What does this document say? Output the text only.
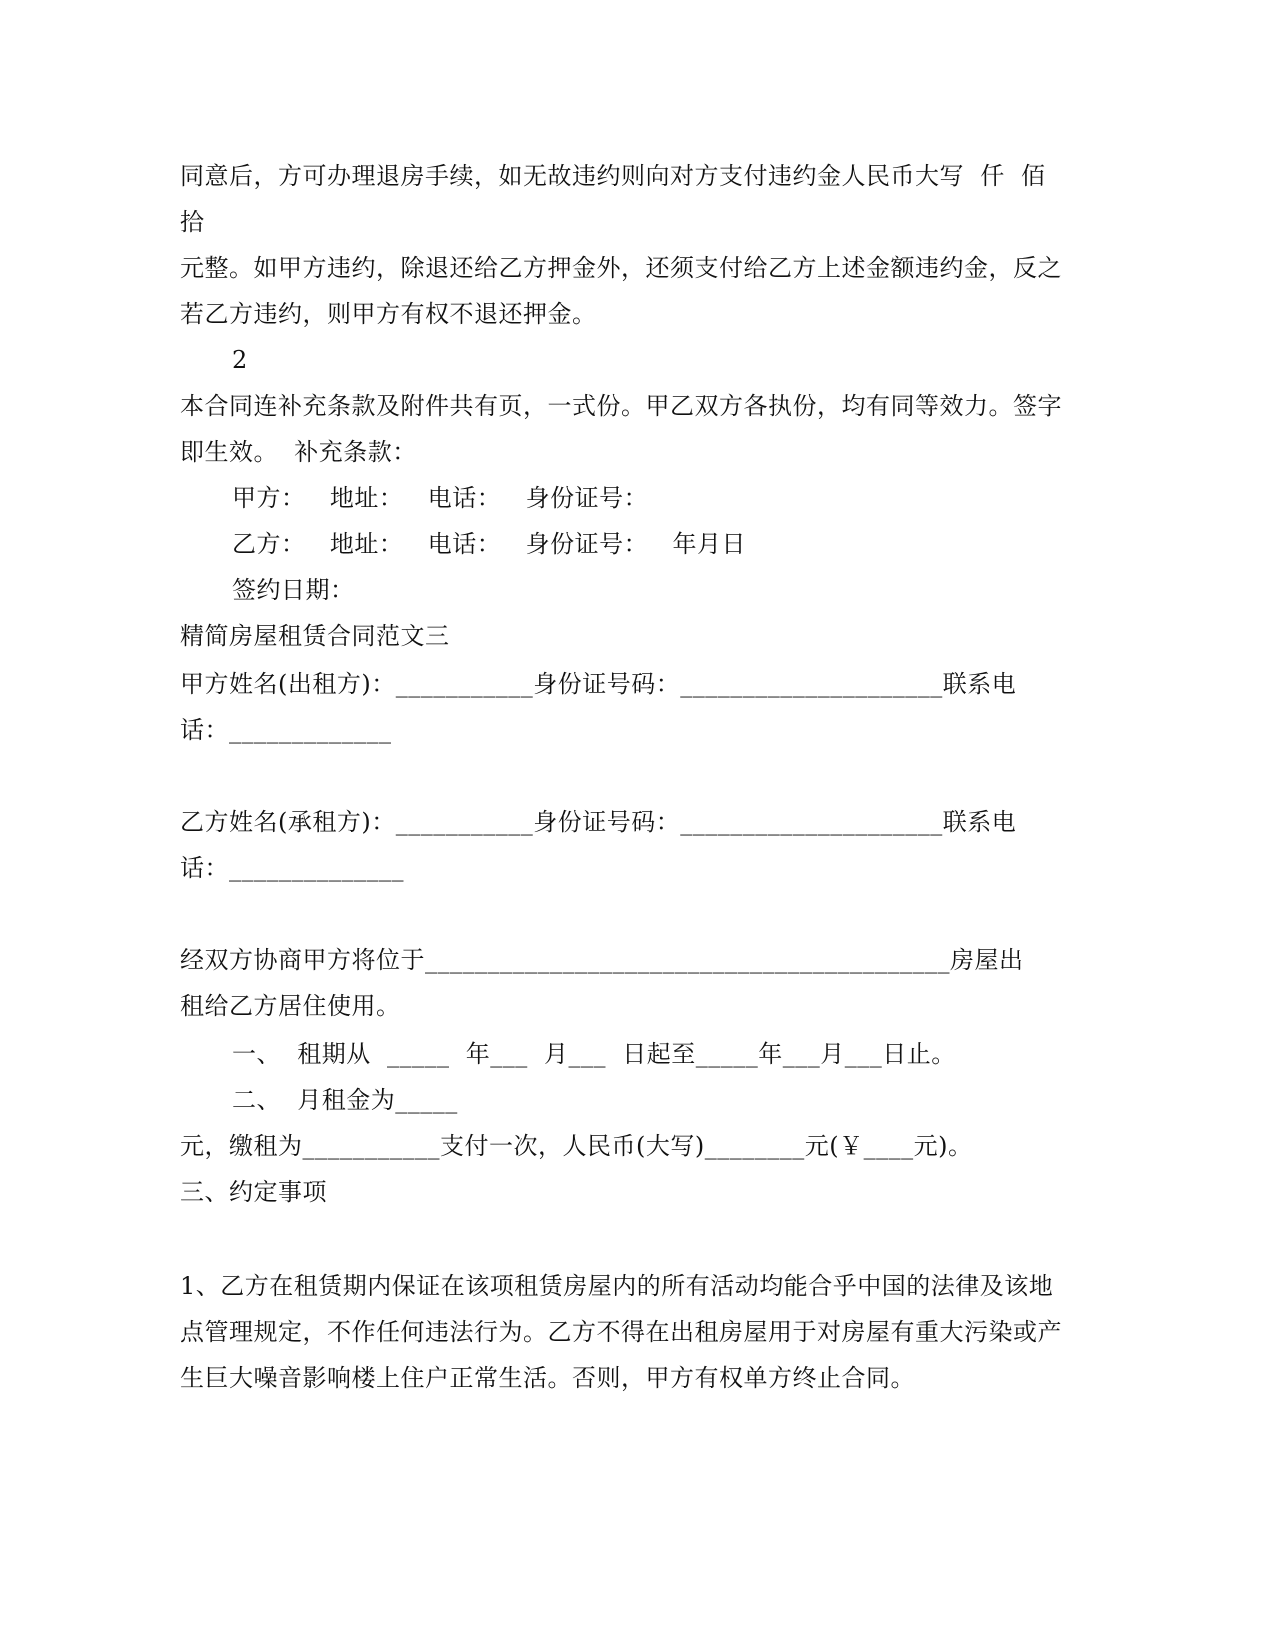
同意后，方可办理退房手续，如无故违约则向对方支付违约金人民币大写  仟  佰
拾
元整。如甲方违约，除退还给乙方押金外，还须支付给乙方上述金额违约金，反之
若乙方违约，则甲方有权不退还押金。
2
本合同连补充条款及附件共有页，一式份。甲乙双方各执份，均有同等效力。签字
即生效。  补充条款：
甲方：   地址：   电话：   身份证号：
乙方：   地址：   电话：   身份证号：   年月日
签约日期：
精简房屋租赁合同范文三
甲方姓名(出租方)：___________身份证号码：_____________________联系电
话：_____________
乙方姓名(承租方)：___________身份证号码：_____________________联系电
话：______________
经双方协商甲方将位于__________________________________________房屋出
租给乙方居住使用。
一、  租期从  _____  年___  月___  日起至_____年___月___日止。
二、  月租金为_____
元，缴租为___________支付一次，人民币(大写)________元(￥____元)。
三、约定事项
1、乙方在租赁期内保证在该项租赁房屋内的所有活动均能合乎中国的法律及该地
点管理规定，不作任何违法行为。乙方不得在出租房屋用于对房屋有重大污染或产
生巨大噪音影响楼上住户正常生活。否则，甲方有权单方终止合同。
